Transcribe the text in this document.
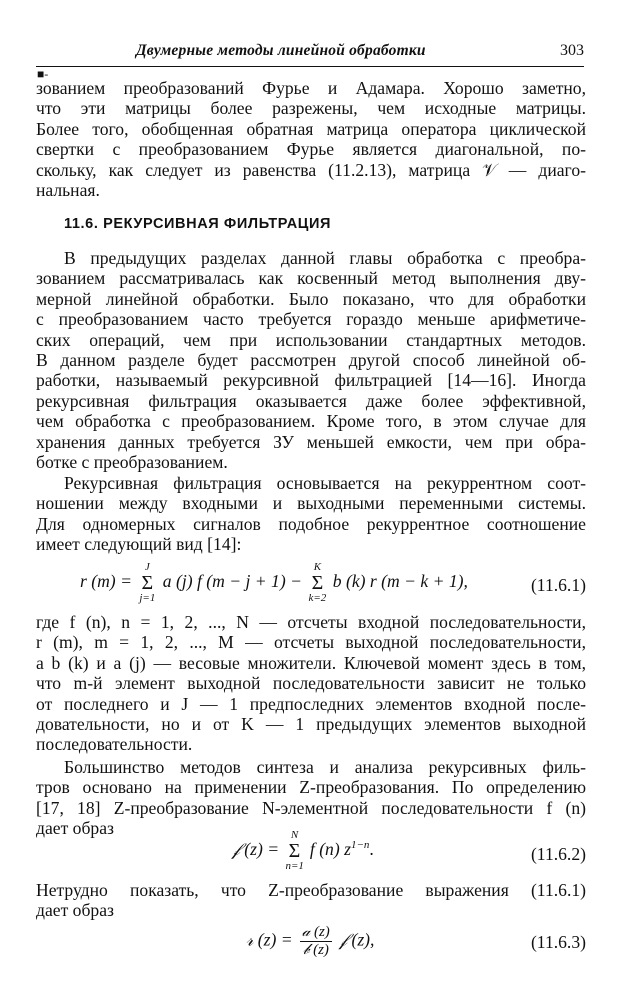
Двумерные методы линейной обработки	303
■-
зованием преобразований Фурье и Адамара. Хорошо заметно,
что эти матрицы более разрежены, чем исходные матрицы.
Более того, обобщенная обратная матрица оператора циклической
свертки с преобразованием Фурье является диагональной, по-
скольку, как следует из равенства (11.2.13), матрица 𝒱 — диаго-
нальная.
11.6. РЕКУРСИВНАЯ ФИЛЬТРАЦИЯ
В предыдущих разделах данной главы обработка с преобра-
зованием рассматривалась как косвенный метод выполнения дву-
мерной линейной обработки. Было показано, что для обработки
с преобразованием часто требуется гораздо меньше арифметиче-
ских операций, чем при использовании стандартных методов.
В данном разделе будет рассмотрен другой способ линейной об-
работки, называемый рекурсивной фильтрацией [14—16]. Иногда
рекурсивная фильтрация оказывается даже более эффективной,
чем обработка с преобразованием. Кроме того, в этом случае для
хранения данных требуется ЗУ меньшей емкости, чем при обра-
ботке с преобразованием.
Рекурсивная фильтрация основывается на рекуррентном соот-
ношении между входными и выходными переменными системы.
Для одномерных сигналов подобное рекуррентное соотношение
имеет следующий вид [14]:
r (m) =
J
Σ
j=1
a (j) f (m − j + 1) −
K
Σ
k=2
b (k) r (m − k + 1),	(11.6.1)
где f (n), n = 1, 2, ..., N — отсчеты входной последовательности,
r (m), m = 1, 2, ..., M — отсчеты выходной последовательности,
a b (k) и a (j) — весовые множители. Ключевой момент здесь в том,
что m-й элемент выходной последовательности зависит не только
от последнего и J — 1 предпоследних элементов входной после-
довательности, но и от K — 1 предыдущих элементов выходной
последовательности.
Большинство методов синтеза и анализа рекурсивных филь-
тров основано на применении Z-преобразования. По определению
[17, 18] Z-преобразование N-элементной последовательности f (n)
дает образ
𝒻 (z) =
N
Σ
n=1
f (n) $z^{1-n}$.	(11.6.2)
Нетрудно показать, что Z-преобразование выражения (11.6.1)
дает образ
𝓇 $(z) = \frac{\text{𝒶 (z)}}{\text{𝒷 (z)}}$ 𝒻 (z),	(11.6.3)
